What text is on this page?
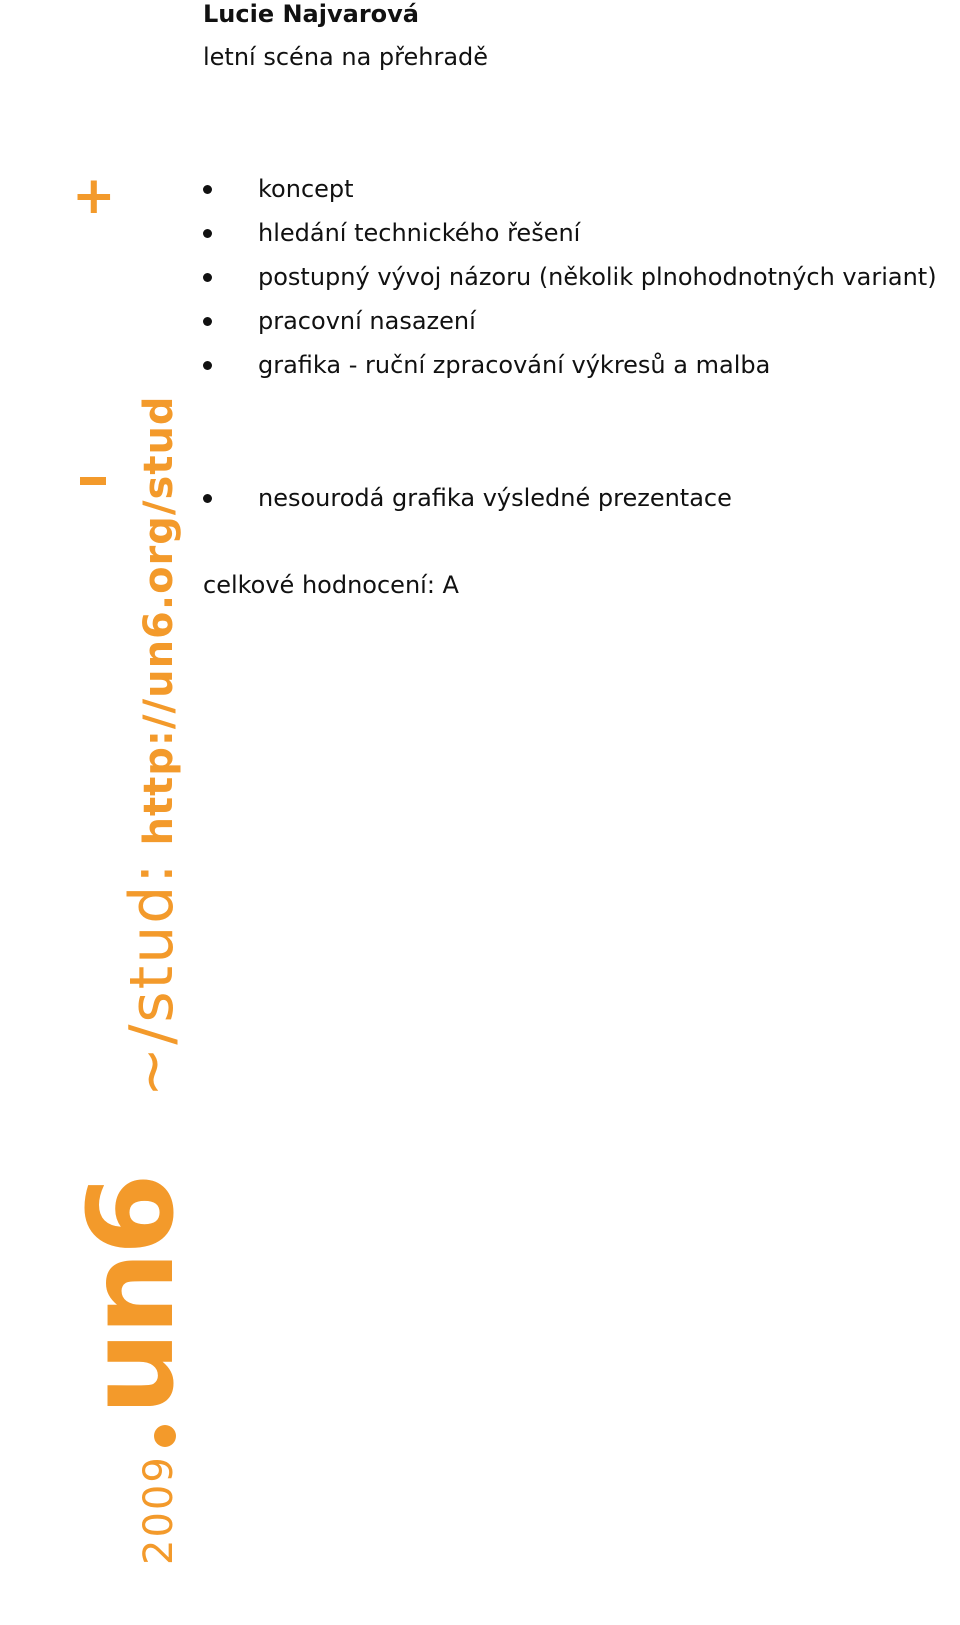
Lucie Najvarová
letní scéna na přehradě
+	koncept
hledání technického řešení
postupný vývoj názoru (několik plnohodnotných variant)
pracovní nasazení
grafika - ruční zpracování výkresů a malba
nesourodá grafika výsledné prezentace
celkové hodnocení: A
2009un6~/stud:http://un6.org/stud
